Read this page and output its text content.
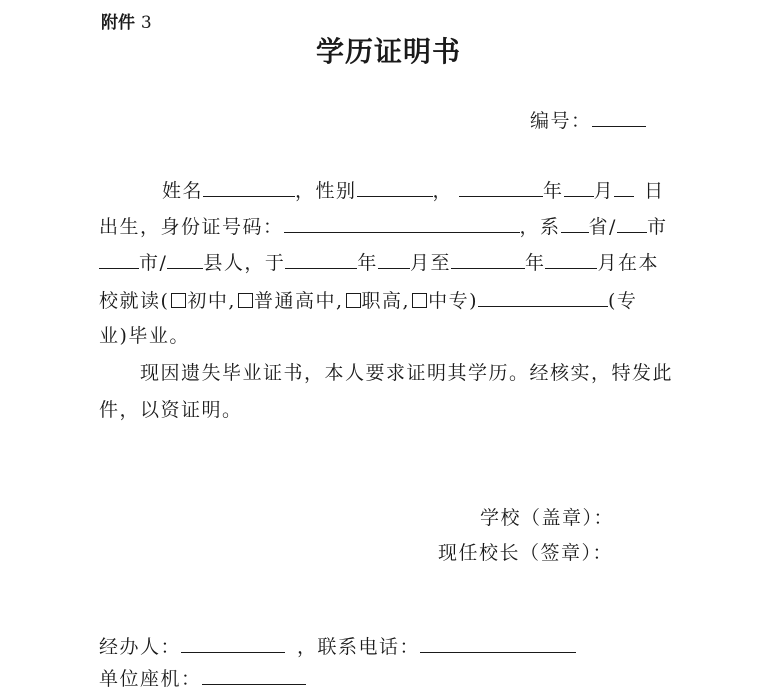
附件 3
学历证明书
编号：
姓名	，性别	，	年 月 日
出生，身份证号码：	，系 省/ 市
市/ 县人，于	年 月至	年	月在本
校就读( 初中, 普通高中, 职高, 中专)	(专
业)毕业。
现因遗失毕业证书，本人要求证明其学历。经核实，特发此
件，以资证明。
学校（盖章）：
现任校长（签章）：
经办人：	，联系电话：
单位座机：
